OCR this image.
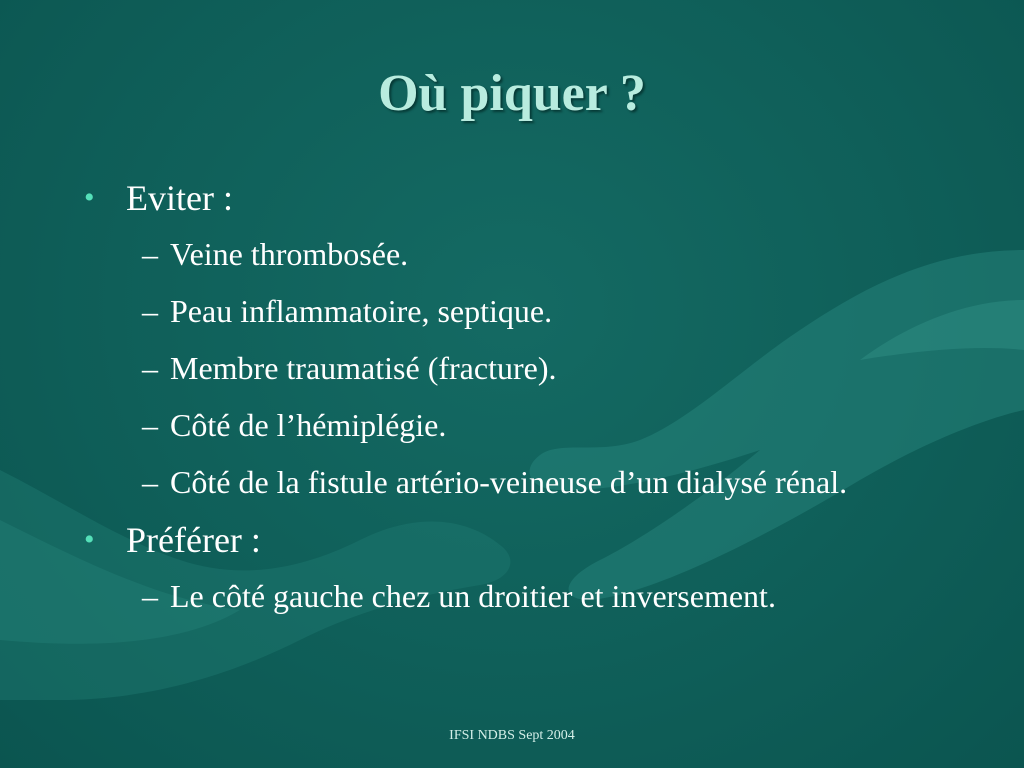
Où piquer ?
• Eviter :
– Veine thrombosée.
– Peau inflammatoire, septique.
– Membre traumatisé (fracture).
– Côté de l’hémiplégie.
– Côté de la fistule artério-veineuse d’un dialysé rénal.
• Préférer :
– Le côté gauche chez un droitier et inversement.
IFSI NDBS Sept 2004
